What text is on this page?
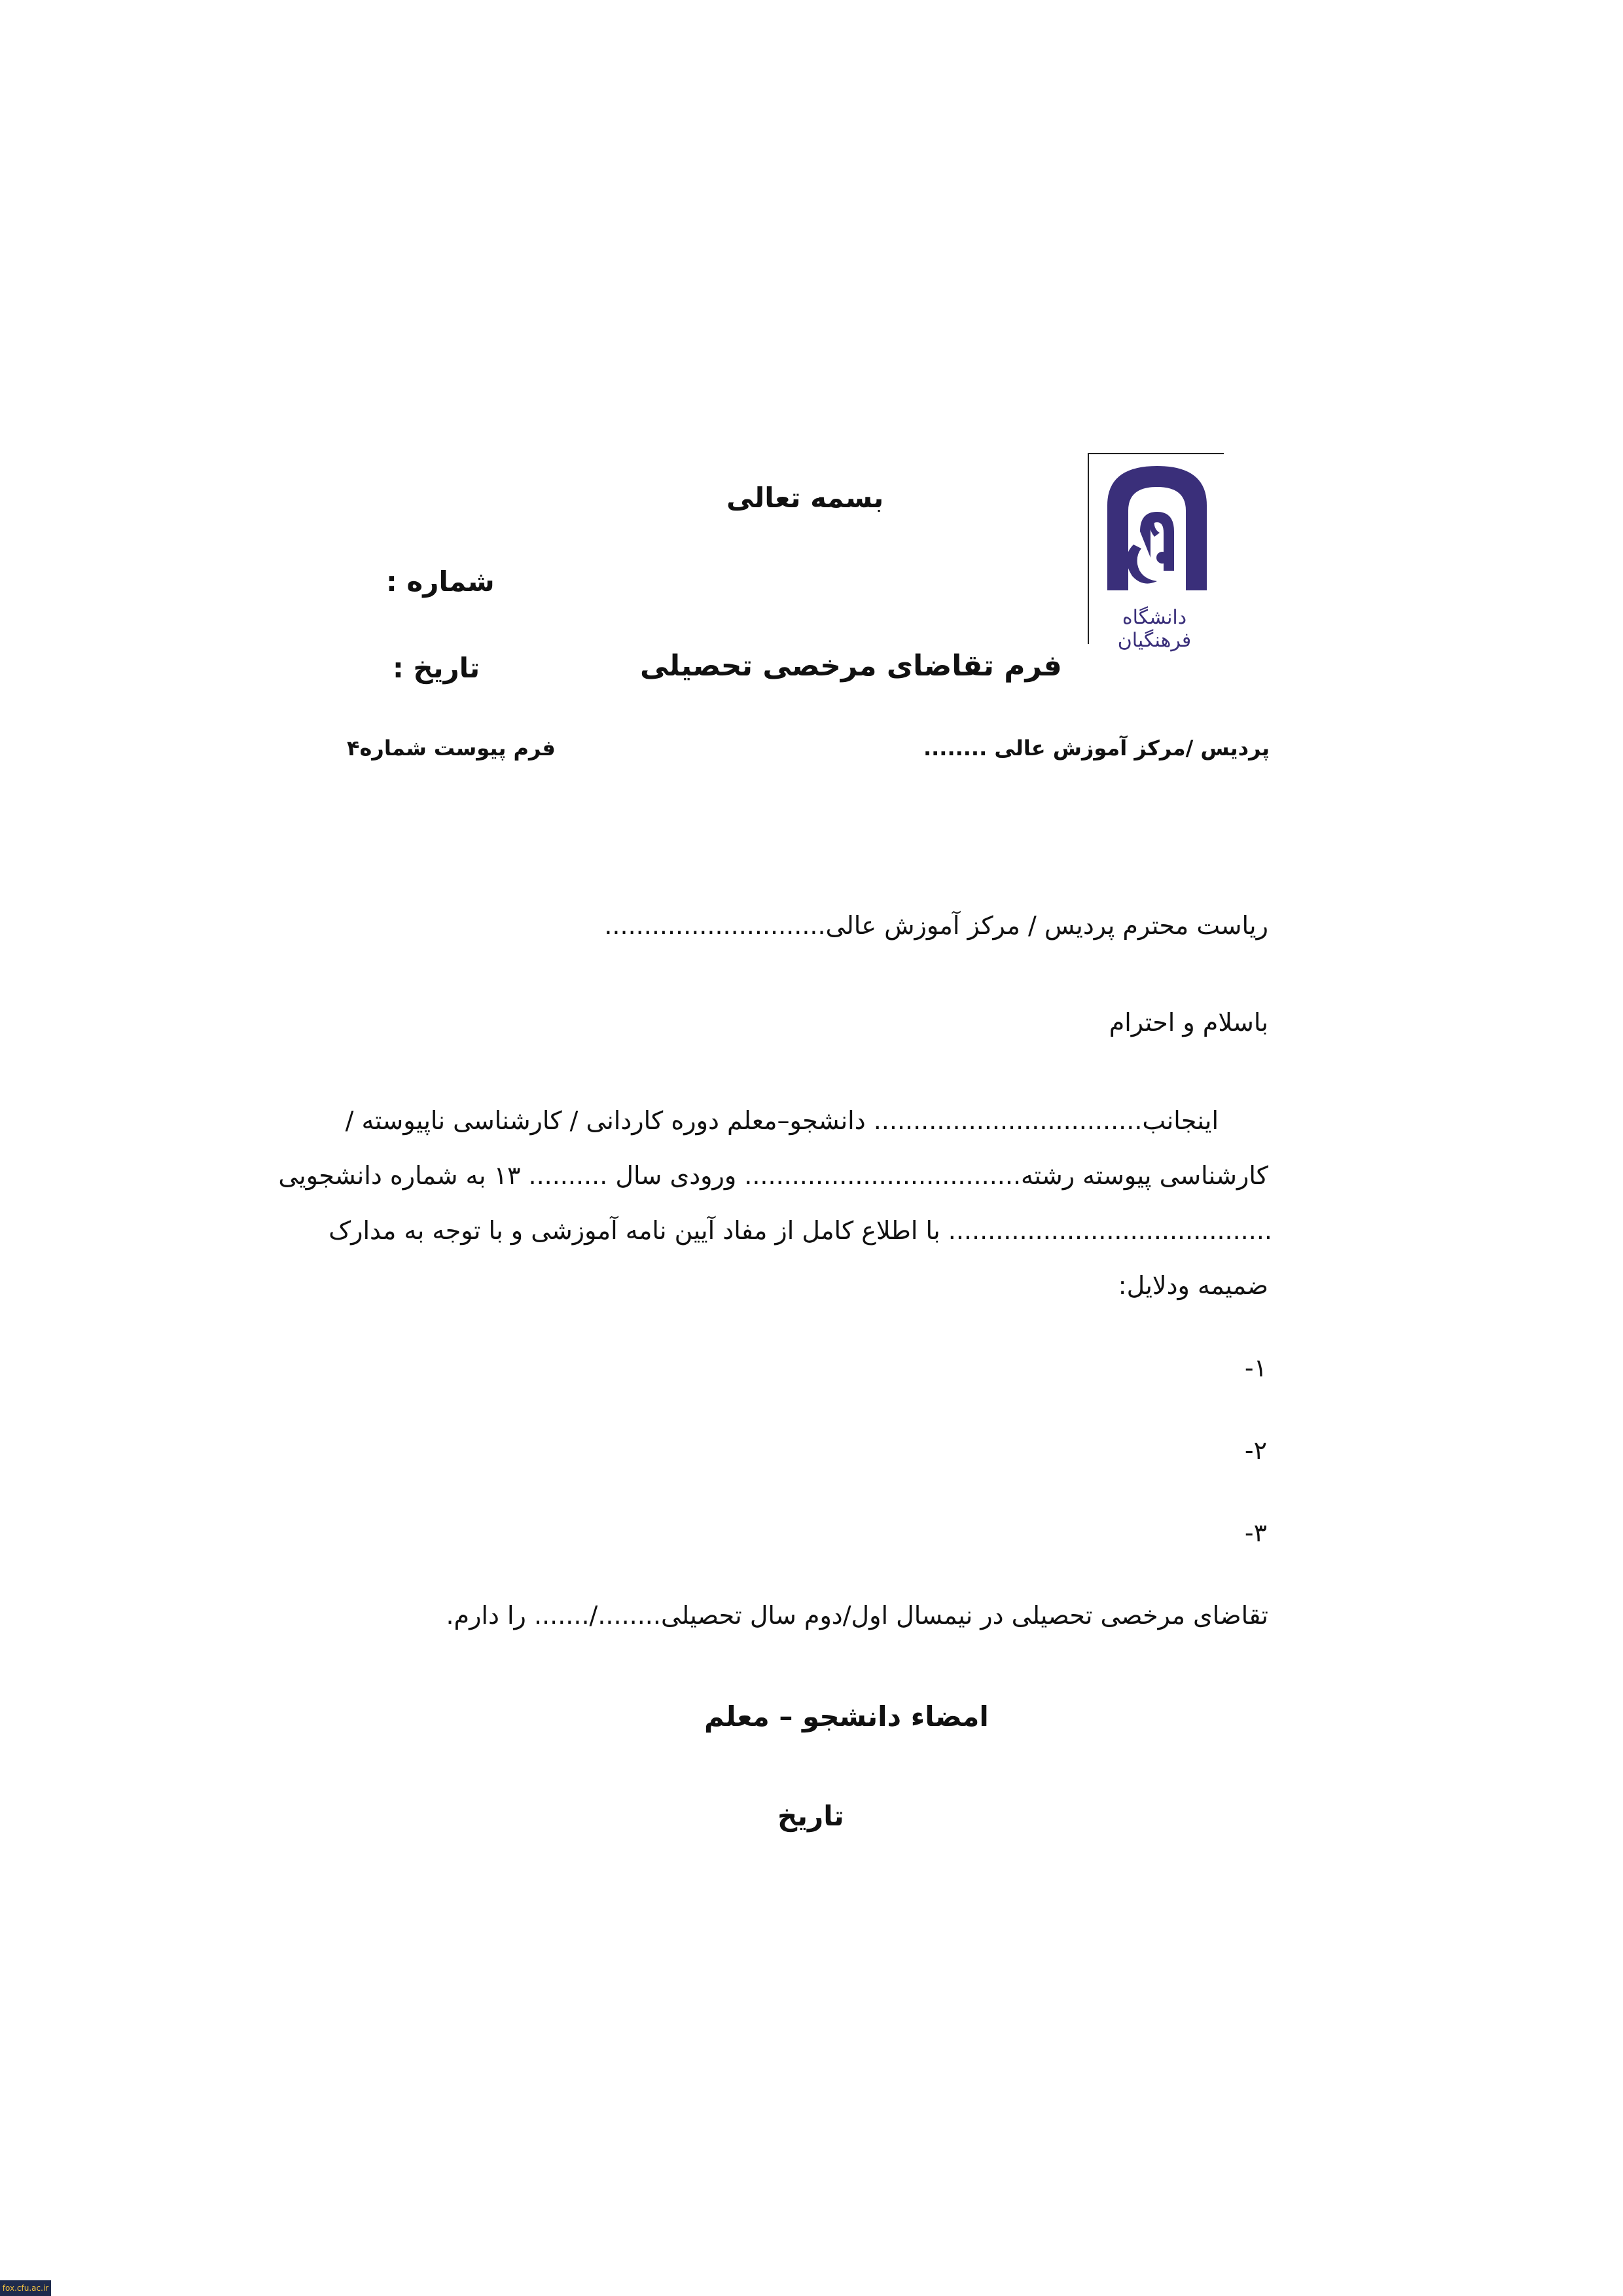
دانشگاه فرهنگیان
بسمه تعالی
شماره :
تاریخ :	فرم تقاضای مرخصی تحصیلی
پردیس /مرکز آموزش عالی ........
فرم پیوست شماره۴
ریاست محترم پردیس / مرکز آموزش عالی............................
باسلام و احترام
اینجانب.................................. دانشجو–معلم دوره کاردانی / کارشناسی ناپیوسته /
کارشناسی پیوسته رشته................................... ورودی سال .......... ۱۳ به شماره دانشجویی
......................................... با اطلاع کامل از مفاد آیین نامه آموزشی و با توجه به مدارک
ضمیمه ودلایل:
-۱
-۲
-۳
تقاضای مرخصی تحصیلی در نیمسال اول/دوم سال تحصیلی......../....... را دارم.
امضاء دانشجو – معلم
تاریخ
fox.cfu.ac.ir
